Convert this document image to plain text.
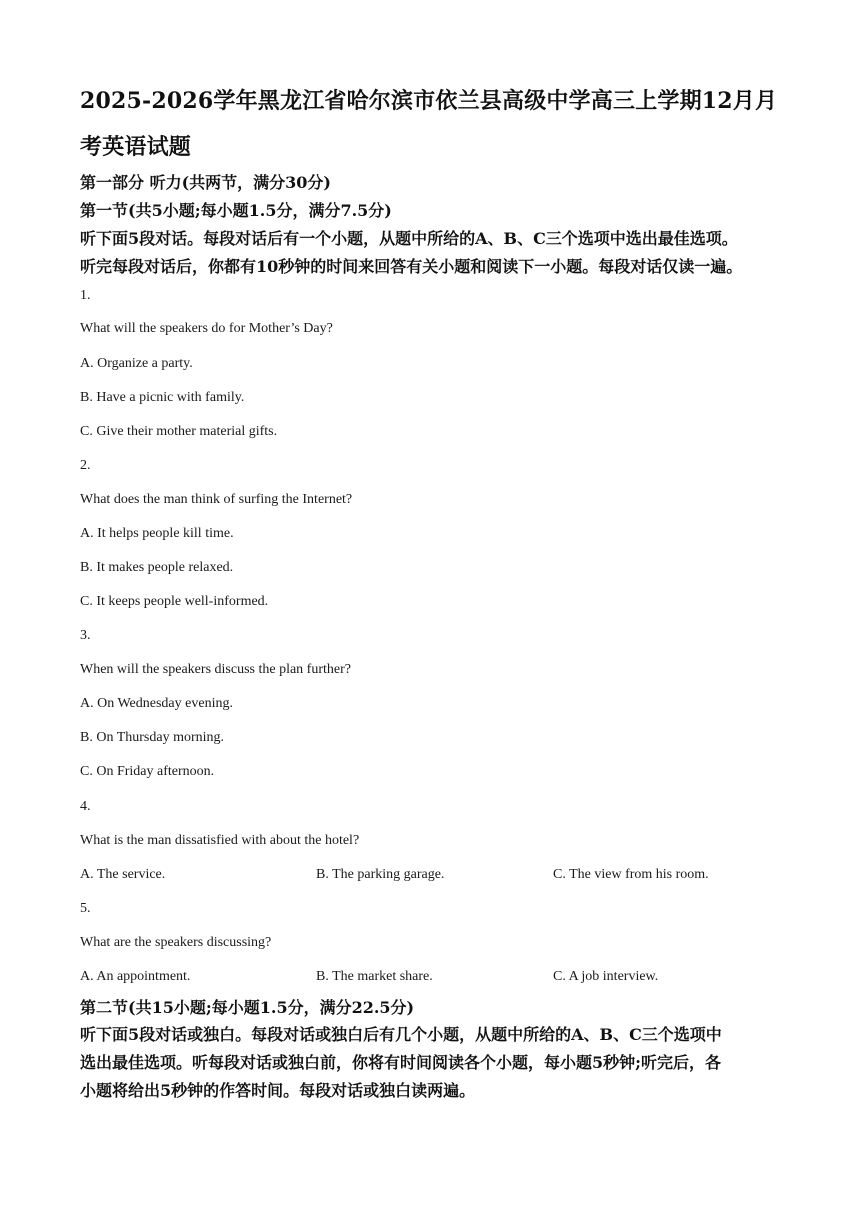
2025-2026学年黑龙江省哈尔滨市依兰县高级中学高三上学期12月月
考英语试题
第一部分 听力(共两节，满分30分)
第一节(共5小题;每小题1.5分，满分7.5分)
听下面5段对话。每段对话后有一个小题，从题中所给的A、B、C三个选项中选出最佳选项。
听完每段对话后，你都有10秒钟的时间来回答有关小题和阅读下一小题。每段对话仅读一遍。
1.
What will the speakers do for Mother’s Day?
A. Organize a party.
B. Have a picnic with family.
C. Give their mother material gifts.
2.
What does the man think of surfing the Internet?
A. It helps people kill time.
B. It makes people relaxed.
C. It keeps people well-informed.
3.
When will the speakers discuss the plan further?
A. On Wednesday evening.
B. On Thursday morning.
C. On Friday afternoon.
4.
What is the man dissatisfied with about the hotel?
A. The service.	B. The parking garage.	C. The view from his room.
5.
What are the speakers discussing?
A. An appointment.	B. The market share.	C. A job interview.
第二节(共15小题;每小题1.5分，满分22.5分)
听下面5段对话或独白。每段对话或独白后有几个小题，从题中所给的A、B、C三个选项中
选出最佳选项。听每段对话或独白前，你将有时间阅读各个小题，每小题5秒钟;听完后，各
小题将给出5秒钟的作答时间。每段对话或独白读两遍。
